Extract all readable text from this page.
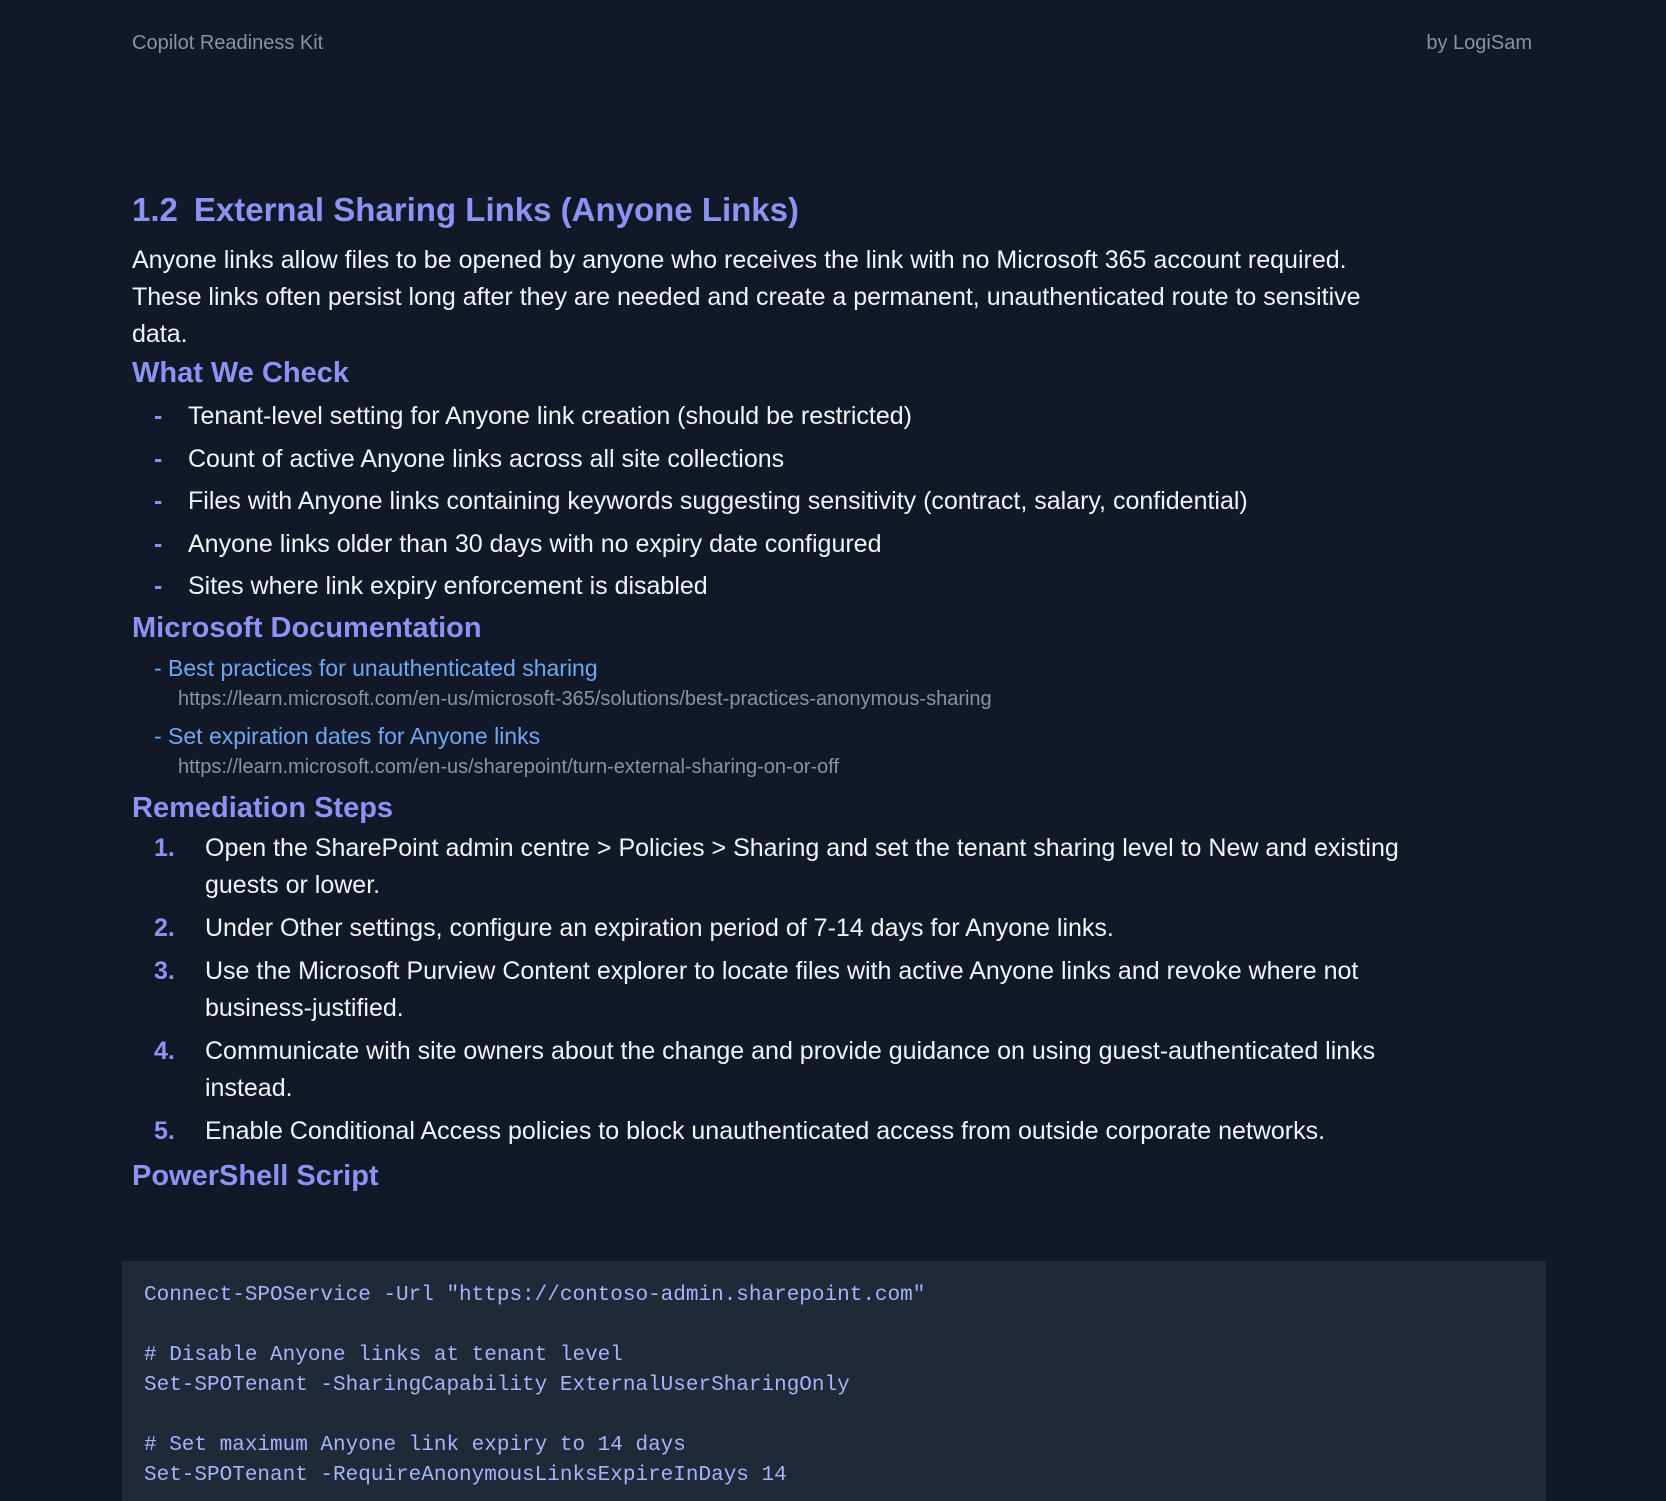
Copilot Readiness Kit	by LogiSam
1.2 External Sharing Links (Anyone Links)

Anyone links allow files to be opened by anyone who receives the link with no Microsoft 365 account required. These links often persist long after they are needed and create a permanent, unauthenticated route to sensitive data.

What We Check
-	Tenant-level setting for Anyone link creation (should be restricted)
-	Count of active Anyone links across all site collections
-	Files with Anyone links containing keywords suggesting sensitivity (contract, salary, confidential)
-	Anyone links older than 30 days with no expiry date configured
-	Sites where link expiry enforcement is disabled
Microsoft Documentation
- Best practices for unauthenticated sharing
https://learn.microsoft.com/en-us/microsoft-365/solutions/best-practices-anonymous-sharing
- Set expiration dates for Anyone links
https://learn.microsoft.com/en-us/sharepoint/turn-external-sharing-on-or-off
Remediation Steps
1.	Open the SharePoint admin centre > Policies > Sharing and set the tenant sharing level to New and existing guests or lower.
2.	Under Other settings, configure an expiration period of 7-14 days for Anyone links.
3.	Use the Microsoft Purview Content explorer to locate files with active Anyone links and revoke where not business-justified.
4.	Communicate with site owners about the change and provide guidance on using guest-authenticated links instead.
5.	Enable Conditional Access policies to block unauthenticated access from outside corporate networks.
PowerShell Script
Connect-SPOService -Url "https://contoso-admin.sharepoint.com"
# Disable Anyone links at tenant level
Set-SPOTenant -SharingCapability ExternalUserSharingOnly
# Set maximum Anyone link expiry to 14 days
Set-SPOTenant -RequireAnonymousLinksExpireInDays 14
